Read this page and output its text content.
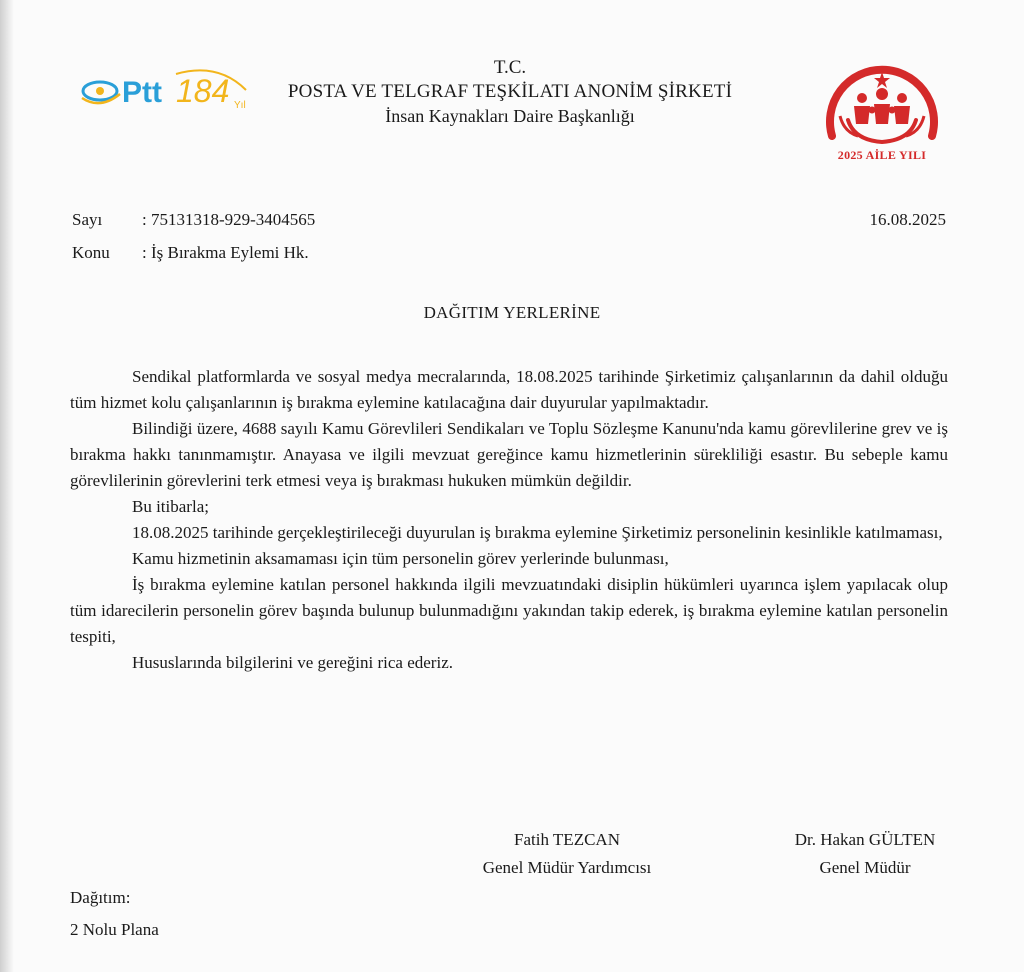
Ptt 184 Yıl
T.C.
POSTA VE TELGRAF TEŞKİLATI ANONİM ŞİRKETİ
İnsan Kaynakları Daire Başkanlığı
2025 AİLE YILI
Sayı : 75131318-929-3404565	16.08.2025
Konu : İş Bırakma Eylemi Hk.
DAĞITIM YERLERİNE

Sendikal platformlarda ve sosyal medya mecralarında, 18.08.2025 tarihinde Şirketimiz çalışanlarının da dahil olduğu tüm hizmet kolu çalışanlarının iş bırakma eylemine katılacağına dair duyurular yapılmaktadır.

Bilindiği üzere, 4688 sayılı Kamu Görevlileri Sendikaları ve Toplu Sözleşme Kanunu'nda kamu görevlilerine grev ve iş bırakma hakkı tanınmamıştır. Anayasa ve ilgili mevzuat gereğince kamu hizmetlerinin sürekliliği esastır. Bu sebeple kamu görevlilerinin görevlerini terk etmesi veya iş bırakması hukuken mümkün değildir.

Bu itibarla;

18.08.2025 tarihinde gerçekleştirileceği duyurulan iş bırakma eylemine Şirketimiz personelinin kesinlikle katılmaması,

Kamu hizmetinin aksamaması için tüm personelin görev yerlerinde bulunması,

İş bırakma eylemine katılan personel hakkında ilgili mevzuatındaki disiplin hükümleri uyarınca işlem yapılacak olup tüm idarecilerin personelin görev başında bulunup bulunmadığını yakından takip ederek, iş bırakma eylemine katılan personelin tespiti,

Hususlarında bilgilerini ve gereğini rica ederiz.

Fatih TEZCAN
Genel Müdür Yardımcısı
Dr. Hakan GÜLTEN
Genel Müdür
Dağıtım:
2 Nolu Plana
